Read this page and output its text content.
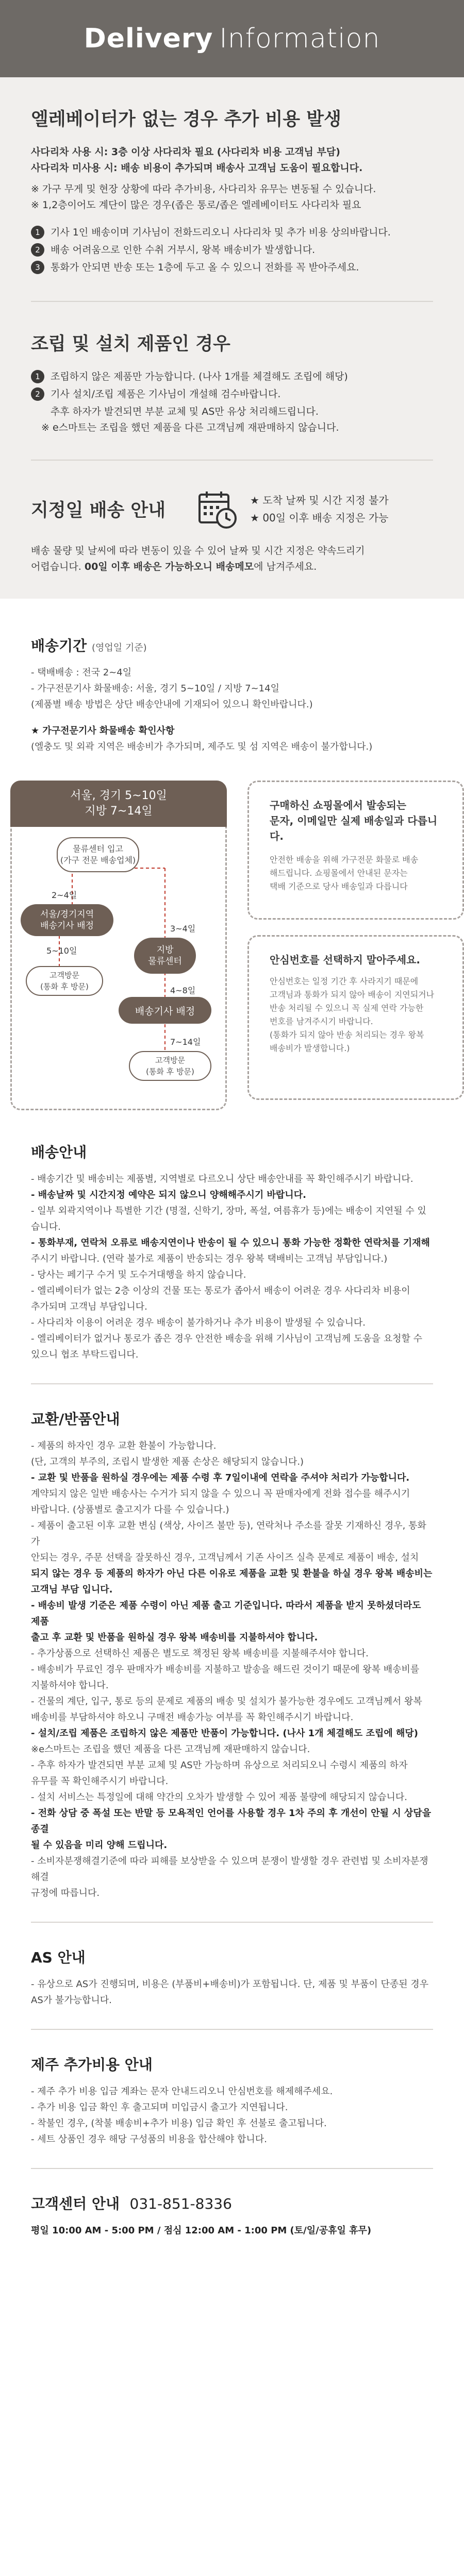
Delivery Information
엘레베이터가 없는 경우 추가 비용 발생

사다리차 사용 시: 3층 이상 사다리차 필요 (사다리차 비용 고객님 부담)

사다리차 미사용 시: 배송 비용이 추가되며 배송사 고객님 도움이 필요합니다.

※ 가구 무게 및 현장 상황에 따라 추가비용, 사다리차 유무는 변동될 수 있습니다.

※ 1,2층이어도 계단이 많은 경우(좁은 통로/좁은 엘레베이터도 사다리차 필요

1	기사 1인 배송이며 기사님이 전화드리오니 사다리차 및 추가 비용 상의바랍니다.
2	배송 어려움으로 인한 수취 거부시, 왕복 배송비가 발생합니다.
3	통화가 안되면 반송 또는 1층에 두고 올 수 있으니 전화를 꼭 받아주세요.
조립 및 설치 제품인 경우
1	조립하지 않은 제품만 가능합니다. (나사 1개를 체결해도 조립에 해당)
2	기사 설치/조립 제품은 기사님이 개설해 검수바랍니다.

추후 하자가 발견되면 부분 교체 및 AS만 유상 처리해드립니다.

※ e스마트는 조립을 했던 제품을 다른 고객님께 재판매하지 않습니다.

지정일 배송 안내	★ 도착 날짜 및 시간 지정 불가
★ 00일 이후 배송 지정은 가능

배송 물량 및 날씨에 따라 변동이 있을 수 있어 날짜 및 시간 지정은 약속드리기

어렵습니다. 00일 이후 배송은 가능하오니 배송메모에 남겨주세요.

배송기간 (영업일 기준)

- 택배배송 : 전국 2~4일

- 가구전문기사 화물배송: 서울, 경기 5~10일 / 지방 7~14일

(제품별 배송 방법은 상단 배송안내에 기재되어 있으니 확인바랍니다.)

★ 가구전문기사 화물배송 확인사항

(엘충도 및 외곽 지역은 배송비가 추가되며, 제주도 및 섬 지역은 배송이 불가합니다.)

서울, 경기 5~10일
지방 7~14일
물류센터 입고
(가구 전문 배송업체)
2~4일
서울/경기지역
배송기사 배정
5~10일
고객방문
(통화 후 방문)
3~4일
지방
물류센터
4~8일
배송기사 배정
7~14일
고객방문
(통화 후 방문)

구매하신 쇼핑몰에서 발송되는
문자, 이메일만 실제 배송일과 다릅니다.

안전한 배송을 위해 가구전문 화물로 배송
해드립니다. 쇼핑몰에서 안내된 문자는
택배 기준으로 당사 배송일과 다릅니다

안심번호를 선택하지 말아주세요.

안심번호는 일정 기간 후 사라지기 때문에
고객님과 통화가 되지 않아 배송이 지연되거나
반송 처리될 수 있으니 꼭 실제 연락 가능한
번호를 남겨주시기 바랍니다.
(통화가 되지 않아 반송 처리되는 경우 왕복
배송비가 발생합니다.)

배송안내

- 배송기간 및 배송비는 제품별, 지역별로 다르오니 상단 배송안내를 꼭 확인해주시기 바랍니다.

- 배송날짜 및 시간지정 예약은 되지 않으니 양해해주시기 바랍니다.

- 일부 외곽지역이나 특별한 기간 (명절, 신학기, 장마, 폭설, 여름휴가 등)에는 배송이 지연될 수 있습니다.

- 통화부재, 연락처 오류로 배송지연이나 반송이 될 수 있으니 통화 가능한 정확한 연락처를 기재해

주시기 바랍니다. (연락 불가로 제품이 반송되는 경우 왕복 택배비는 고객님 부담입니다.)

- 당사는 페기구 수거 및 도수거대행을 하지 않습니다.

- 엘리베이터가 없는 2층 이상의 건물 또는 통로가 좁아서 배송이 어려운 경우 사다리차 비용이

추가되며 고객님 부담입니다.

- 사다리차 이용이 어려운 경우 배송이 불가하거나 추가 비용이 발생될 수 있습니다.

- 엘리베이터가 없거나 통로가 좁은 경우 안전한 배송을 위해 기사님이 고객님께 도움을 요청할 수

있으니 협조 부탁드립니다.

교환/반품안내

- 제품의 하자인 경우 교환 환불이 가능합니다.

(단, 고객의 부주의, 조립시 발생한 제품 손상은 해당되지 않습니다.)

- 교환 및 반품을 원하실 경우에는 제품 수령 후 7일이내에 연락을 주셔야 처리가 가능합니다.

계약되지 않은 일반 배송사는 수거가 되지 않을 수 있으니 꼭 판매자에게 전화 접수를 해주시기

바랍니다. (상품별로 출고지가 다를 수 있습니다.)

- 제품이 출고된 이후 교환 변심 (색상, 사이즈 불만 등), 연락처나 주소를 잘못 기재하신 경우, 통화가

안되는 경우, 주문 선택을 잘못하신 경우, 고객님께서 기존 사이즈 실측 문제로 제품이 배송, 설치

되지 않는 경우 등 제품의 하자가 아닌 다른 이유로 제품을 교환 및 환불을 하실 경우 왕복 배송비는

고객님 부담 입니다.

- 배송비 발생 기준은 제품 수령이 아닌 제품 출고 기준입니다. 따라서 제품을 받지 못하셨더라도 제품

출고 후 교환 및 반품을 원하실 경우 왕복 배송비를 지불하셔야 합니다.

- 추가상품으로 선택하신 제품은 별도로 책정된 왕복 배송비를 지불해주셔야 합니다.

- 배송비가 무료인 경우 판매자가 배송비를 지불하고 발송을 해드린 것이기 때문에 왕복 배송비를

지불하셔야 합니다.

- 건물의 계단, 입구, 통로 등의 문제로 제품의 배송 및 설치가 불가능한 경우에도 고객님께서 왕복

배송비를 부담하셔야 하오니 구매전 배송가능 여부를 꼭 확인해주시기 바랍니다.

- 설치/조립 제품은 조립하지 않은 제품만 반품이 가능합니다. (나사 1개 체결해도 조립에 해당)

※e스마트는 조립을 했던 제품을 다른 고객님께 재판매하지 않습니다.

- 추후 하자가 발견되면 부분 교체 및 AS만 가능하며 유상으로 처리되오니 수령시 제품의 하자

유무를 꼭 확인해주시기 바랍니다.

- 설치 서비스는 특정일에 대해 약간의 오차가 발생할 수 있어 제품 불량에 해당되지 않습니다.

- 전화 상담 중 폭설 또는 반말 등 모욕적인 언어를 사용할 경우 1차 주의 후 개선이 안될 시 상담을 종결

될 수 있음을 미리 양해 드립니다.

- 소비자분쟁해결기준에 따라 피해를 보상받을 수 있으며 분쟁이 발생할 경우 관련법 및 소비자분쟁해결

규정에 따릅니다.

AS 안내

- 유상으로 AS가 진행되며, 비용은 (부품비+배송비)가 포함됩니다. 단, 제품 및 부품이 단종된 경우

AS가 불가능합니다.

제주 추가비용 안내

- 제주 추가 비용 입금 계좌는 문자 안내드리오니 안심번호를 해제해주세요.

- 추가 비용 입금 확인 후 출고되며 미입금시 출고가 지연됩니다.

- 착불인 경우, (착불 배송비+추가 비용) 입금 확인 후 선불로 출고됩니다.

- 세트 상품인 경우 해당 구성품의 비용을 합산해야 합니다.

고객센터 안내 031-851-8336

평일 10:00 AM - 5:00 PM / 점심 12:00 AM - 1:00 PM (토/일/공휴일 휴무)
